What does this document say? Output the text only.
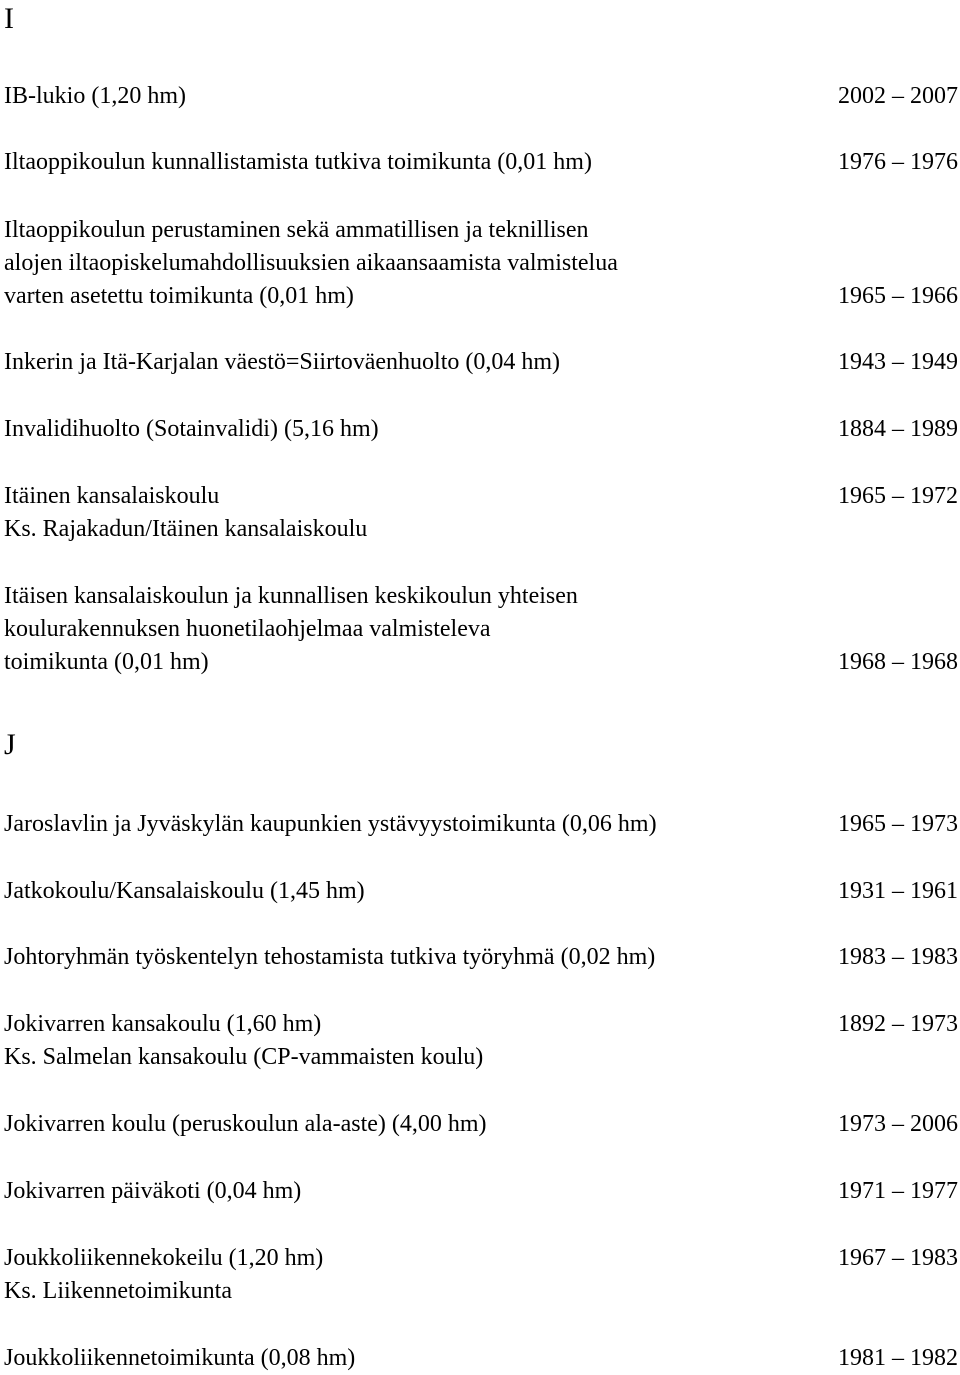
I
IB-lukio (1,20 hm)	2002 – 2007
Iltaoppikoulun kunnallistamista tutkiva toimikunta (0,01 hm)	1976 – 1976
Iltaoppikoulun perustaminen sekä ammatillisen ja teknillisen
alojen iltaopiskelumahdollisuuksien aikaansaamista valmistelua
varten asetettu toimikunta (0,01 hm)	1965 – 1966
Inkerin ja Itä-Karjalan väestö=Siirtoväenhuolto (0,04 hm)	1943 – 1949
Invalidihuolto (Sotainvalidi) (5,16 hm)	1884 – 1989
Itäinen kansalaiskoulu	1965 – 1972
Ks. Rajakadun/Itäinen kansalaiskoulu
Itäisen kansalaiskoulun ja kunnallisen keskikoulun yhteisen
koulurakennuksen huonetilaohjelmaa valmisteleva
toimikunta (0,01 hm)	1968 – 1968
J
Jaroslavlin ja Jyväskylän kaupunkien ystävyystoimikunta (0,06 hm)	1965 – 1973
Jatkokoulu/Kansalaiskoulu (1,45 hm)	1931 – 1961
Johtoryhmän työskentelyn tehostamista tutkiva työryhmä (0,02 hm)	1983 – 1983
Jokivarren kansakoulu (1,60 hm)	1892 – 1973
Ks. Salmelan kansakoulu (CP-vammaisten koulu)
Jokivarren koulu (peruskoulun ala-aste) (4,00 hm)	1973 – 2006
Jokivarren päiväkoti (0,04 hm)	1971 – 1977
Joukkoliikennekokeilu (1,20 hm)	1967 – 1983
Ks. Liikennetoimikunta
Joukkoliikennetoimikunta (0,08 hm)	1981 – 1982
